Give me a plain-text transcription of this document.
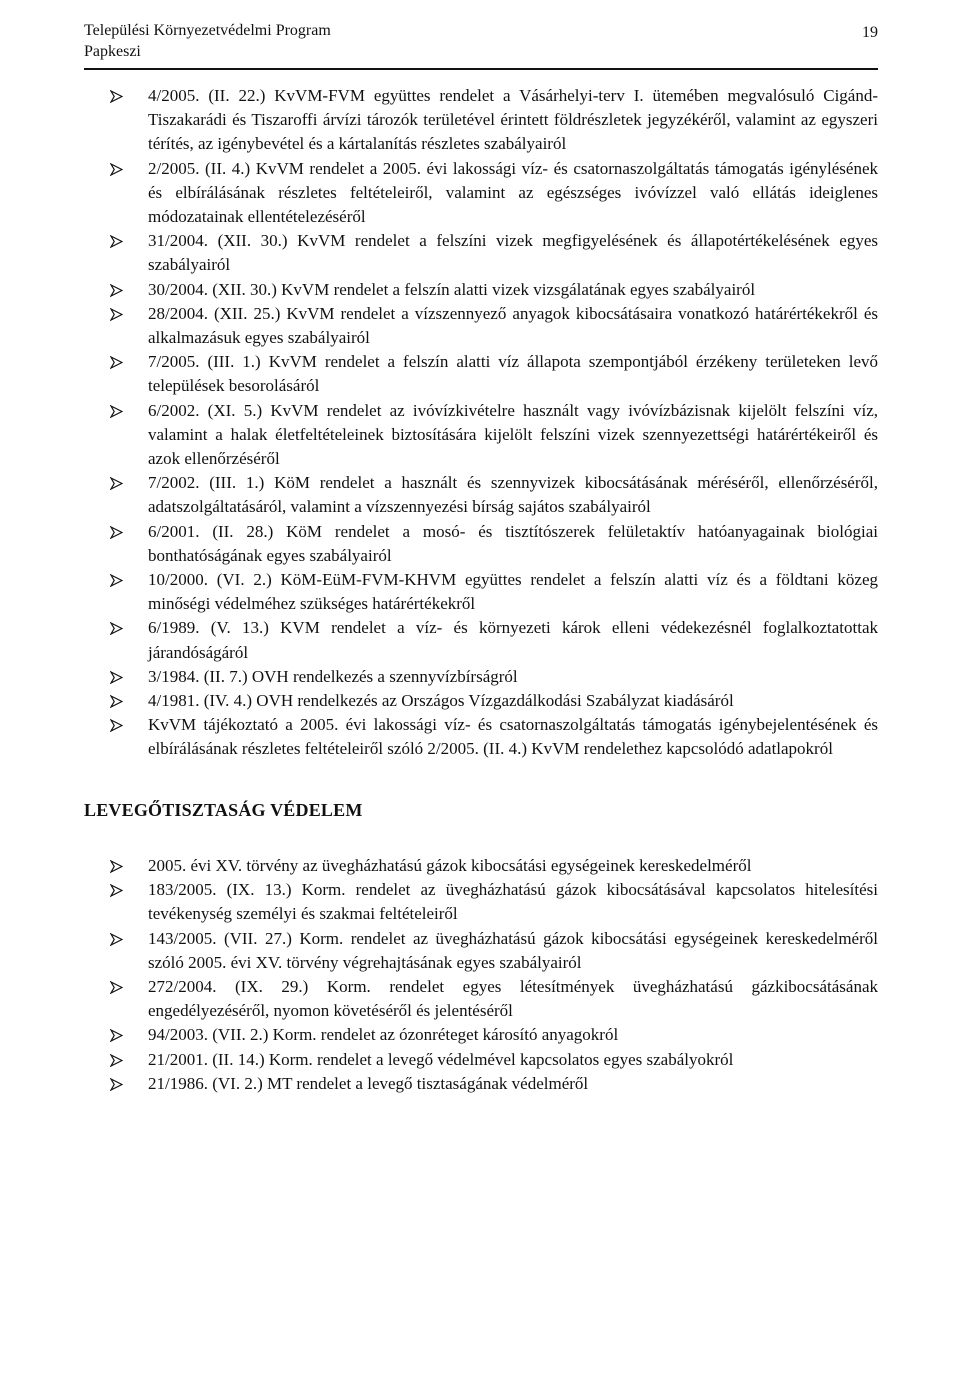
Települési Környezetvédelmi Program
Papkeszi
19
4/2005. (II. 22.) KvVM-FVM együttes rendelet a Vásárhelyi-terv I. ütemében megvalósuló Cigánd-Tiszakarádi és Tiszaroffi árvízi tározók területével érintett földrészletek jegyzékéről, valamint az egyszeri térítés, az igénybevétel és a kártalanítás részletes szabályairól
2/2005. (II. 4.) KvVM rendelet a 2005. évi lakossági víz- és csatornaszolgáltatás támogatás igénylésének és elbírálásának részletes feltételeiről, valamint az egészséges ivóvízzel való ellátás ideiglenes módozatainak ellentételezéséről
31/2004. (XII. 30.) KvVM rendelet a felszíni vizek megfigyelésének és állapotértékelésének egyes szabályairól
30/2004. (XII. 30.) KvVM rendelet a felszín alatti vizek vizsgálatának egyes szabályairól
28/2004. (XII. 25.) KvVM rendelet a vízszennyező anyagok kibocsátásaira vonatkozó határértékekről és alkalmazásuk egyes szabályairól
7/2005. (III. 1.) KvVM rendelet a felszín alatti víz állapota szempontjából érzékeny területeken levő települések besorolásáról
6/2002. (XI. 5.) KvVM rendelet az ivóvízkivételre használt vagy ivóvízbázisnak kijelölt felszíni víz, valamint a halak életfeltételeinek biztosítására kijelölt felszíni vizek szennyezettségi határértékeiről és azok ellenőrzéséről
7/2002. (III. 1.) KöM rendelet a használt és szennyvizek kibocsátásának méréséről, ellenőrzéséről, adatszolgáltatásáról, valamint a vízszennyezési bírság sajátos szabályairól
6/2001. (II. 28.) KöM rendelet a mosó- és tisztítószerek felületaktív hatóanyagainak biológiai bonthatóságának egyes szabályairól
10/2000. (VI. 2.) KöM-EüM-FVM-KHVM együttes rendelet a felszín alatti víz és a földtani közeg minőségi védelméhez szükséges határértékekről
6/1989. (V. 13.) KVM rendelet a víz- és környezeti károk elleni védekezésnél foglalkoztatottak járandóságáról
3/1984. (II. 7.) OVH rendelkezés a szennyvízbírságról
4/1981. (IV. 4.) OVH rendelkezés az Országos Vízgazdálkodási Szabályzat kiadásáról
KvVM tájékoztató a 2005. évi lakossági víz- és csatornaszolgáltatás támogatás igénybejelentésének és elbírálásának részletes feltételeiről szóló 2/2005. (II. 4.) KvVM rendelethez kapcsolódó adatlapokról
LEVEGŐTISZTASÁG VÉDELEM
2005. évi XV. törvény az üvegházhatású gázok kibocsátási egységeinek kereskedelméről
183/2005. (IX. 13.) Korm. rendelet az üvegházhatású gázok kibocsátásával kapcsolatos hitelesítési tevékenység személyi és szakmai feltételeiről
143/2005. (VII. 27.) Korm. rendelet az üvegházhatású gázok kibocsátási egységeinek kereskedelméről szóló 2005. évi XV. törvény végrehajtásának egyes szabályairól
272/2004. (IX. 29.) Korm. rendelet egyes létesítmények üvegházhatású gázkibocsátásának engedélyezéséről, nyomon követéséről és jelentéséről
94/2003. (VII. 2.) Korm. rendelet az ózonréteget károsító anyagokról
21/2001. (II. 14.) Korm. rendelet a levegő védelmével kapcsolatos egyes szabályokról
21/1986. (VI. 2.) MT rendelet a levegő tisztaságának védelméről
